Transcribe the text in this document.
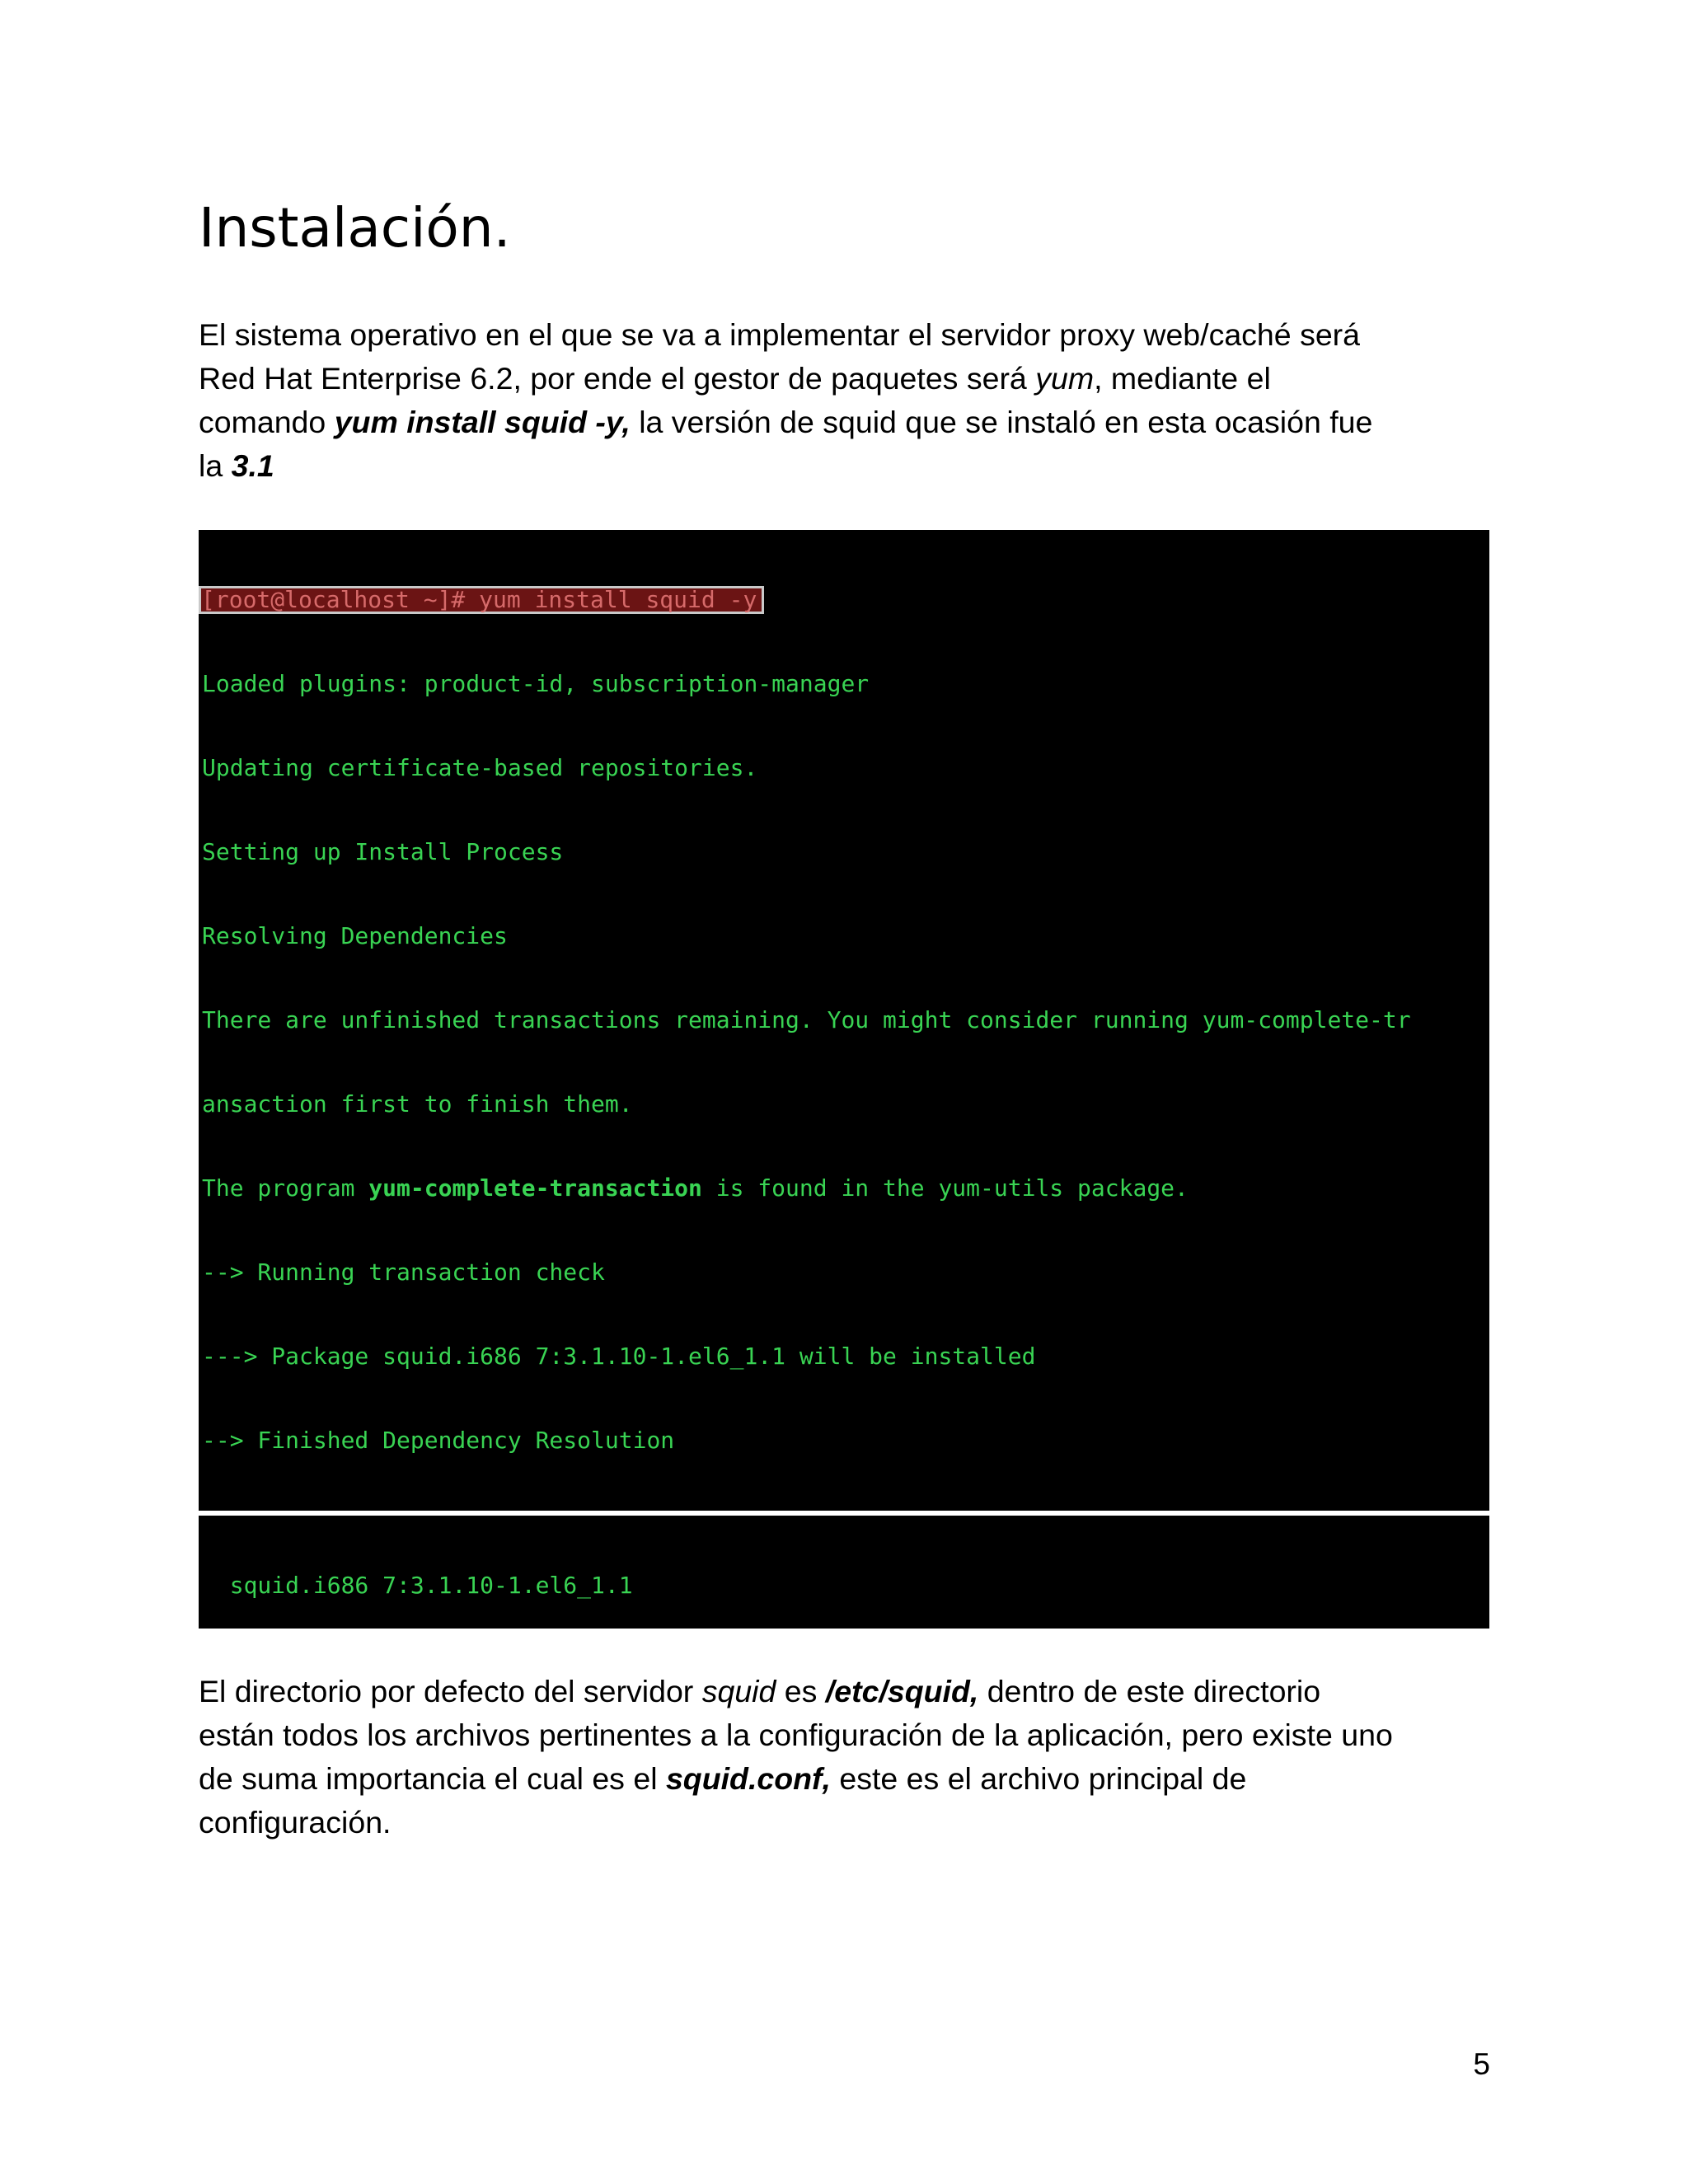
Instalación.

El sistema operativo en el que se va a implementar el servidor proxy web/caché será
Red Hat Enterprise 6.2, por ende el gestor de paquetes será yum, mediante el
comando yum install squid -y, la versión de squid que se instaló en esta ocasión fue
la 3.1

[root@localhost ~]# yum install squid -y

Loaded plugins: product-id, subscription-manager

Updating certificate-based repositories.

Setting up Install Process

Resolving Dependencies

There are unfinished transactions remaining. You might consider running yum-complete-tr

ansaction first to finish them.

The program yum-complete-transaction is found in the yum-utils package.

--> Running transaction check

---> Package squid.i686 7:3.1.10-1.el6_1.1 will be installed

--> Finished Dependency Resolution

squid.i686 7:3.1.10-1.el6_1.1

El directorio por defecto del servidor squid es /etc/squid, dentro de este directorio
están todos los archivos pertinentes a la configuración de la aplicación, pero existe uno
de suma importancia el cual es el squid.conf, este es el archivo principal de
configuración.

5
